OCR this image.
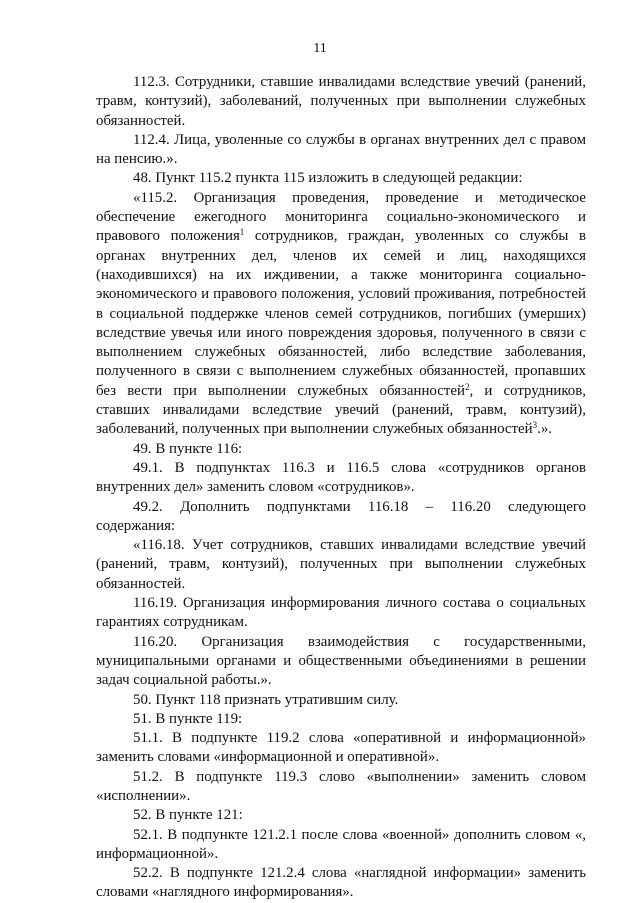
11

112.3. Сотрудники, ставшие инвалидами вследствие увечий (ранений, травм, контузий), заболеваний, полученных при выполнении служебных обязанностей.

112.4. Лица, уволенные со службы в органах внутренних дел с правом на пенсию.».

48. Пункт 115.2 пункта 115 изложить в следующей редакции:

«115.2. Организация проведения, проведение и методическое обеспечение ежегодного мониторинга социально-экономического и правового положения$^1$ сотрудников, граждан, уволенных со службы в органах внутренних дел, членов их семей и лиц, находящихся (находившихся) на их иждивении, а также мониторинга социально-экономического и правового положения, условий проживания, потребностей в социальной поддержке членов семей сотрудников, погибших (умерших) вследствие увечья или иного повреждения здоровья, полученного в связи с выполнением служебных обязанностей, либо вследствие заболевания, полученного в связи с выполнением служебных обязанностей, пропавших без вести при выполнении служебных обязанностей$^2$, и сотрудников, ставших инвалидами вследствие увечий (ранений, травм, контузий), заболеваний, полученных при выполнении служебных обязанностей$^3$.».

49. В пункте 116:

49.1. В подпунктах 116.3 и 116.5 слова «сотрудников органов внутренних дел» заменить словом «сотрудников».

49.2. Дополнить подпунктами 116.18 – 116.20 следующего содержания:

«116.18. Учет сотрудников, ставших инвалидами вследствие увечий (ранений, травм, контузий), полученных при выполнении служебных обязанностей.

116.19. Организация информирования личного состава о социальных гарантиях сотрудникам.

116.20. Организация взаимодействия с государственными, муниципальными органами и общественными объединениями в решении задач социальной работы.».

50. Пункт 118 признать утратившим силу.

51. В пункте 119:

51.1. В подпункте 119.2 слова «оперативной и информационной» заменить словами «информационной и оперативной».

51.2. В подпункте 119.3 слово «выполнении» заменить словом «исполнении».

52. В пункте 121:

52.1. В подпункте 121.2.1 после слова «военной» дополнить словом «, информационной».

52.2. В подпункте 121.2.4 слова «наглядной информации» заменить словами «наглядного информирования».
